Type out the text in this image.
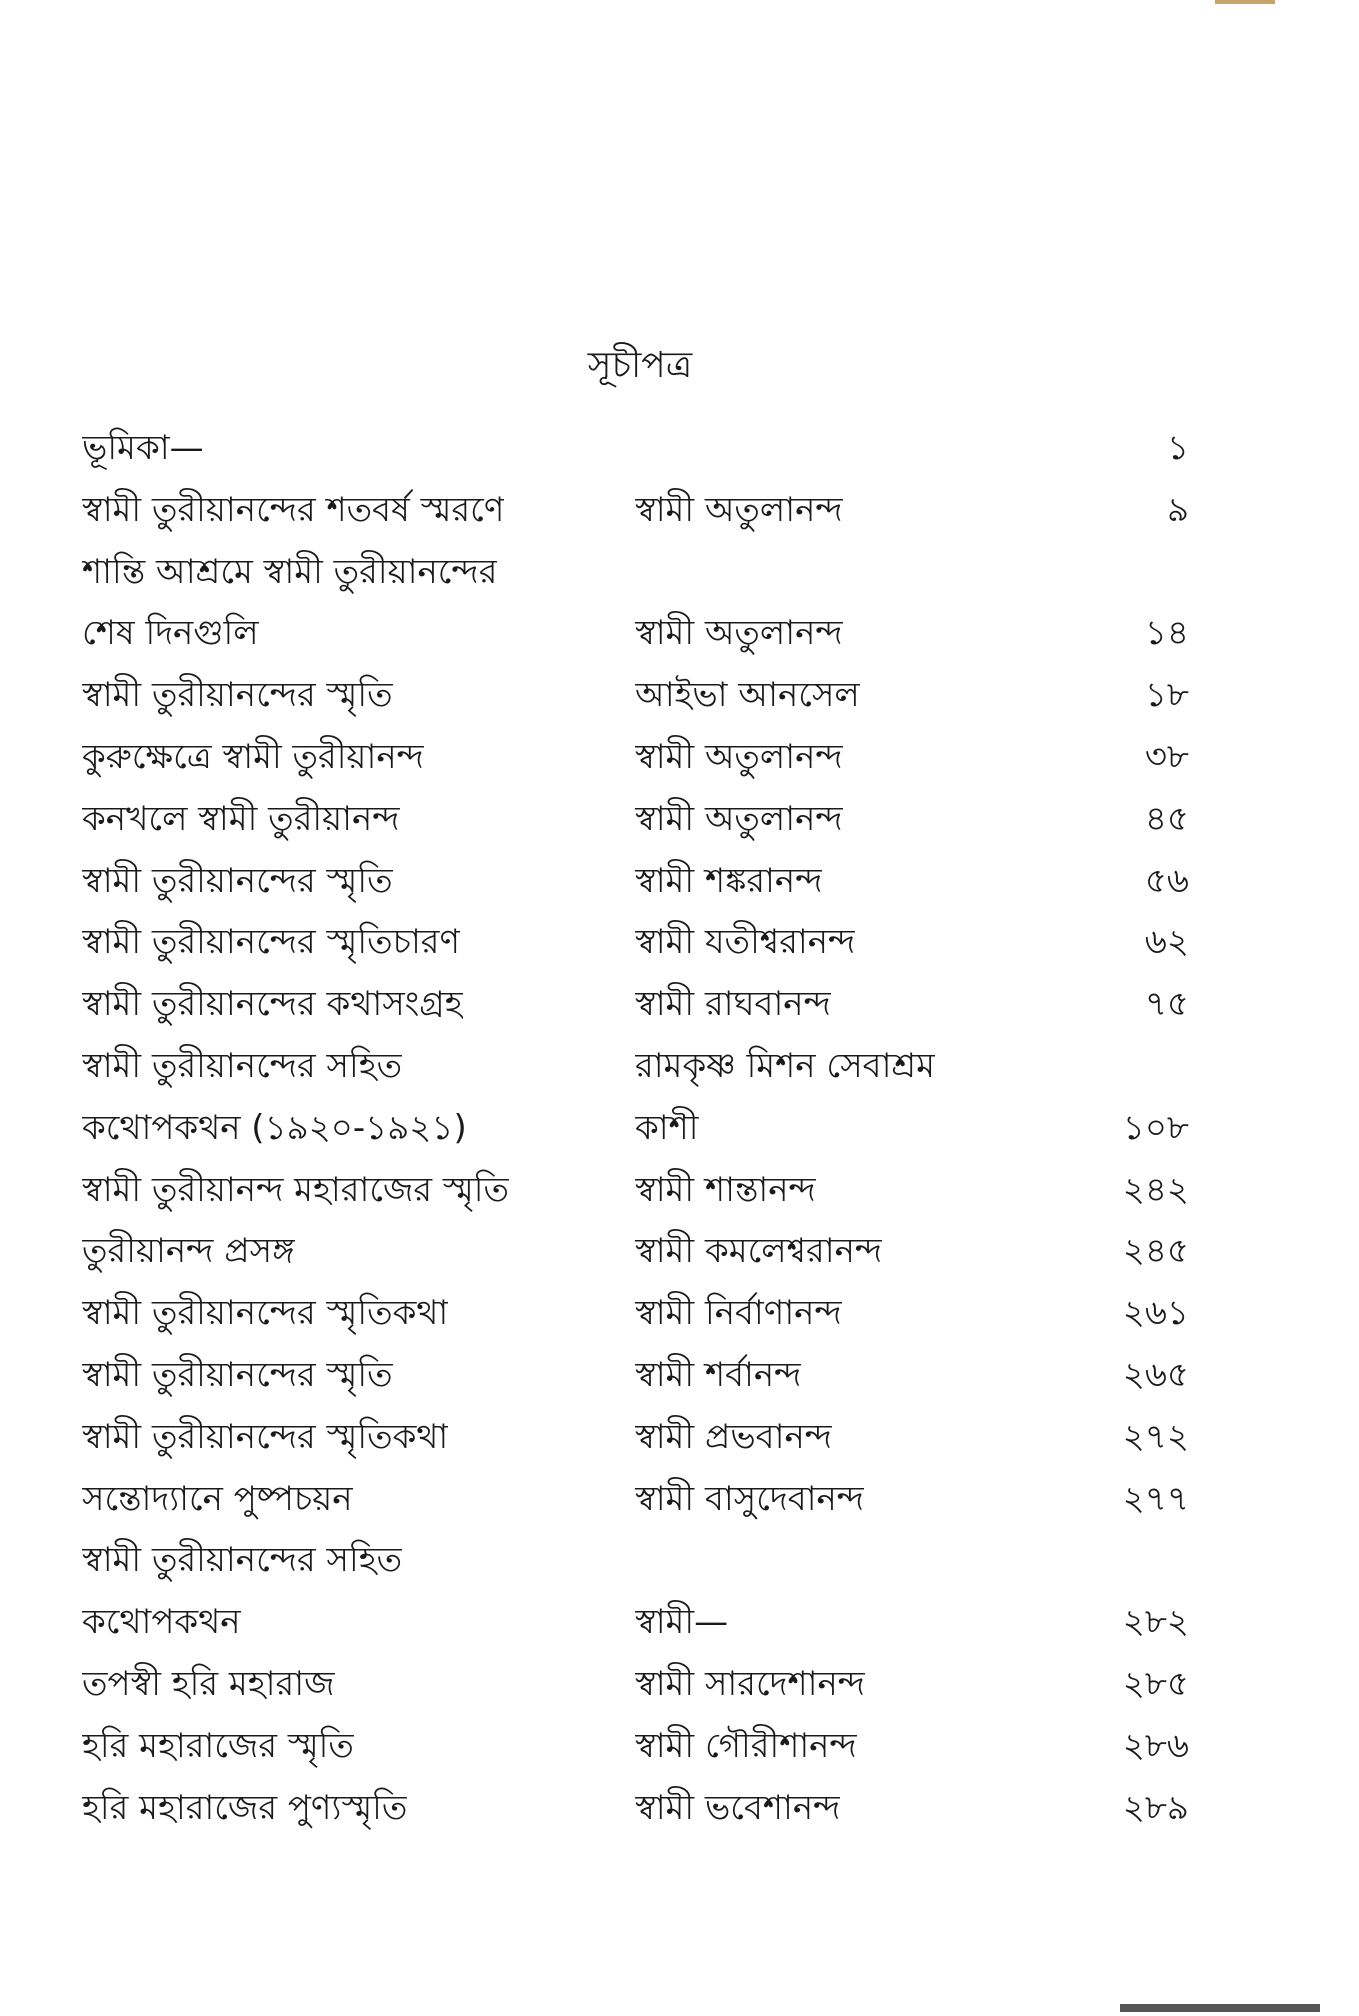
সূচীপত্র
ভূমিকা—	১
স্বামী তুরীয়ানন্দের শতবর্ষ স্মরণে	স্বামী অতুলানন্দ	৯
শান্তি আশ্রমে স্বামী তুরীয়ানন্দের
শেষ দিনগুলি	স্বামী অতুলানন্দ	১৪
স্বামী তুরীয়ানন্দের স্মৃতি	আইভা আনসেল	১৮
কুরুক্ষেত্রে স্বামী তুরীয়ানন্দ	স্বামী অতুলানন্দ	৩৮
কনখলে স্বামী তুরীয়ানন্দ	স্বামী অতুলানন্দ	৪৫
স্বামী তুরীয়ানন্দের স্মৃতি	স্বামী শঙ্করানন্দ	৫৬
স্বামী তুরীয়ানন্দের স্মৃতিচারণ	স্বামী যতীশ্বরানন্দ	৬২
স্বামী তুরীয়ানন্দের কথাসংগ্রহ	স্বামী রাঘবানন্দ	৭৫
স্বামী তুরীয়ানন্দের সহিত	রামকৃষ্ণ মিশন সেবাশ্রম
কথোপকথন (১৯২০-১৯২১)	কাশী	১০৮
স্বামী তুরীয়ানন্দ মহারাজের স্মৃতি	স্বামী শান্তানন্দ	২৪২
তুরীয়ানন্দ প্রসঙ্গ	স্বামী কমলেশ্বরানন্দ	২৪৫
স্বামী তুরীয়ানন্দের স্মৃতিকথা	স্বামী নির্বাণানন্দ	২৬১
স্বামী তুরীয়ানন্দের স্মৃতি	স্বামী শর্বানন্দ	২৬৫
স্বামী তুরীয়ানন্দের স্মৃতিকথা	স্বামী প্রভবানন্দ	২৭২
সন্তোদ্যানে পুষ্পচয়ন	স্বামী বাসুদেবানন্দ	২৭৭
স্বামী তুরীয়ানন্দের সহিত
কথোপকথন	স্বামী—	২৮২
তপস্বী হরি মহারাজ	স্বামী সারদেশানন্দ	২৮৫
হরি মহারাজের স্মৃতি	স্বামী গৌরীশানন্দ	২৮৬
হরি মহারাজের পুণ্যস্মৃতি	স্বামী ভবেশানন্দ	২৮৯
